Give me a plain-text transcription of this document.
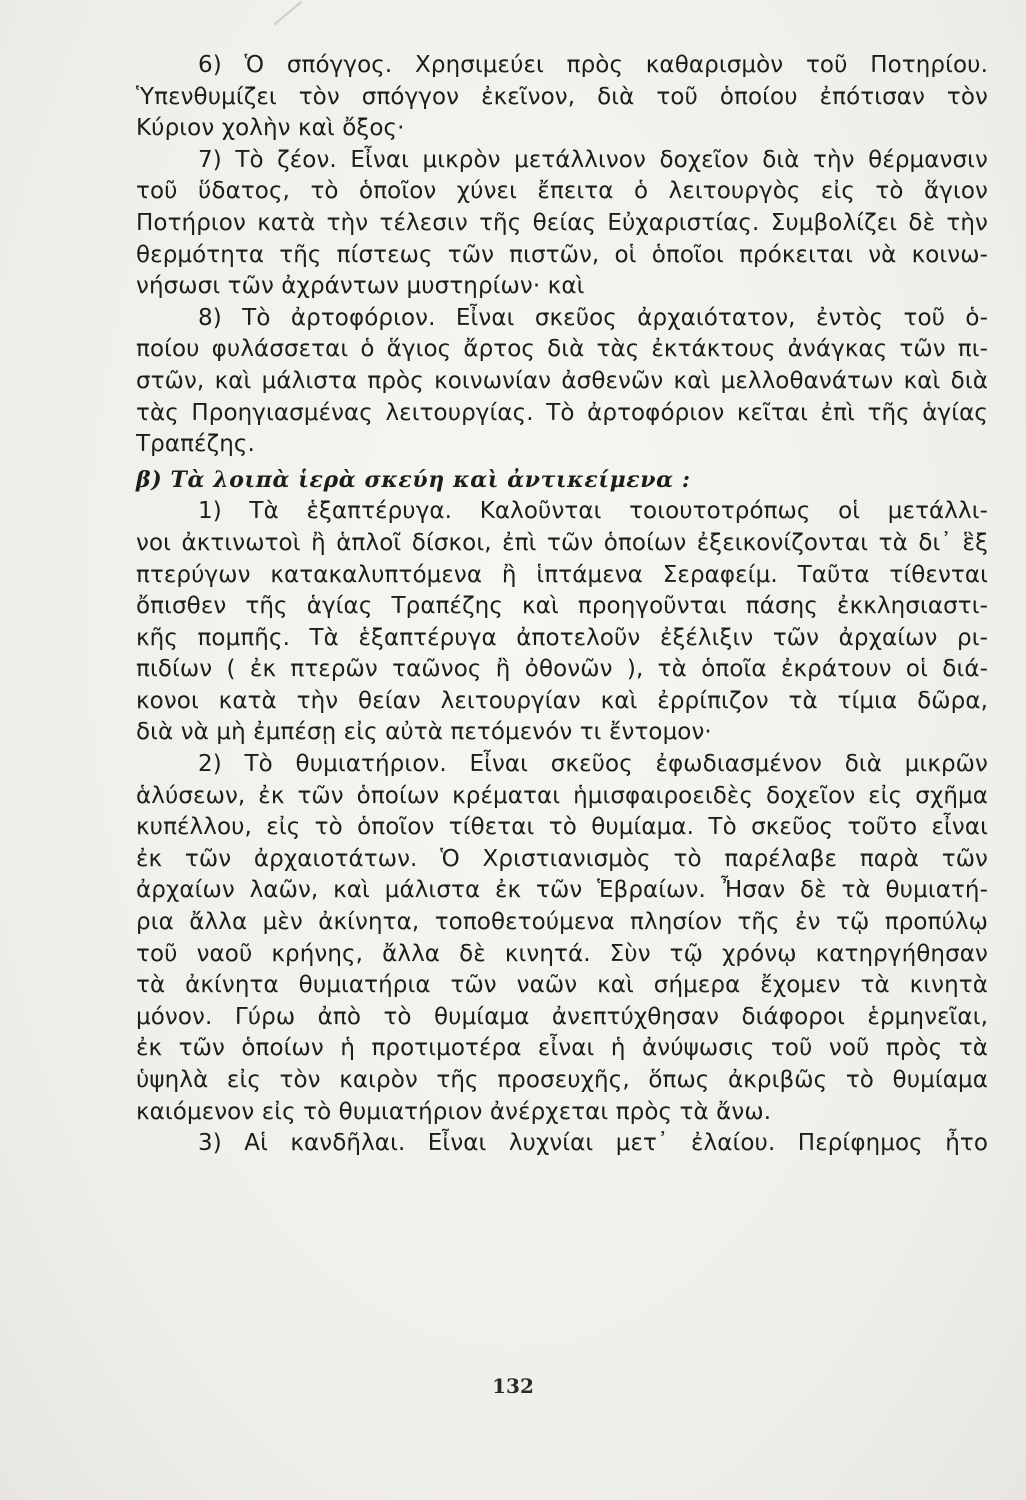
6) Ὁ σπόγγος. Χρησιμεύει πρὸς καθαρισμὸν τοῦ Ποτηρίου.
Ὑπενθυμίζει τὸν σπόγγον ἐκεῖνον, διὰ τοῦ ὁποίου ἐπότισαν τὸν
Κύριον χολὴν καὶ ὄξος·
7) Τὸ ζέον. Εἶναι μικρὸν μετάλλινον δοχεῖον διὰ τὴν θέρμανσιν
τοῦ ὕδατος, τὸ ὁποῖον χύνει ἔπειτα ὁ λειτουργὸς εἰς τὸ ἅγιον
Ποτήριον κατὰ τὴν τέλεσιν τῆς θείας Εὐχαριστίας. Συμβολίζει δὲ τὴν
θερμότητα τῆς πίστεως τῶν πιστῶν, οἱ ὁποῖοι πρόκειται νὰ κοινω-
νήσωσι τῶν ἀχράντων μυστηρίων· καὶ
8) Τὸ ἀρτοφόριον. Εἶναι σκεῦος ἀρχαιότατον, ἐντὸς τοῦ ὁ-
ποίου φυλάσσεται ὁ ἅγιος ἄρτος διὰ τὰς ἐκτάκτους ἀνάγκας τῶν πι-
στῶν, καὶ μάλιστα πρὸς κοινωνίαν ἀσθενῶν καὶ μελλοθανάτων καὶ διὰ
τὰς Προηγιασμένας λειτουργίας. Τὸ ἀρτοφόριον κεῖται ἐπὶ τῆς ἁγίας
Τραπέζης.
β) Τὰ λοιπὰ ἱερὰ σκεύη καὶ ἀντικείμενα :
1) Τὰ ἑξαπτέρυγα. Καλοῦνται τοιουτοτρόπως οἱ μετάλλι-
νοι ἀκτινωτοὶ ἢ ἁπλοῖ δίσκοι, ἐπὶ τῶν ὁποίων ἐξεικονίζονται τὰ δι᾽ ἓξ
πτερύγων κατακαλυπτόμενα ἢ ἱπτάμενα Σεραφείμ. Ταῦτα τίθενται
ὄπισθεν τῆς ἁγίας Τραπέζης καὶ προηγοῦνται πάσης ἐκκλησιαστι-
κῆς πομπῆς. Τὰ ἑξαπτέρυγα ἀποτελοῦν ἐξέλιξιν τῶν ἀρχαίων ρι-
πιδίων ( ἐκ πτερῶν ταῶνος ἢ ὀθονῶν ), τὰ ὁποῖα ἐκράτουν οἱ διά-
κονοι κατὰ τὴν θείαν λειτουργίαν καὶ ἐρρίπιζον τὰ τίμια δῶρα,
διὰ νὰ μὴ ἐμπέσῃ εἰς αὐτὰ πετόμενόν τι ἔντομον·
2) Τὸ θυμιατήριον. Εἶναι σκεῦος ἐφωδιασμένον διὰ μικρῶν
ἁλύσεων, ἐκ τῶν ὁποίων κρέμαται ἡμισφαιροειδὲς δοχεῖον εἰς σχῆμα
κυπέλλου, εἰς τὸ ὁποῖον τίθεται τὸ θυμίαμα. Τὸ σκεῦος τοῦτο εἶναι
ἐκ τῶν ἀρχαιοτάτων. Ὁ Χριστιανισμὸς τὸ παρέλαβε παρὰ τῶν
ἀρχαίων λαῶν, καὶ μάλιστα ἐκ τῶν Ἑβραίων. Ἦσαν δὲ τὰ θυμιατή-
ρια ἄλλα μὲν ἀκίνητα, τοποθετούμενα πλησίον τῆς ἐν τῷ προπύλῳ
τοῦ ναοῦ κρήνης, ἄλλα δὲ κινητά. Σὺν τῷ χρόνῳ κατηργήθησαν
τὰ ἀκίνητα θυμιατήρια τῶν ναῶν καὶ σήμερα ἔχομεν τὰ κινητὰ
μόνον. Γύρω ἀπὸ τὸ θυμίαμα ἀνεπτύχθησαν διάφοροι ἑρμηνεῖαι,
ἐκ τῶν ὁποίων ἡ προτιμοτέρα εἶναι ἡ ἀνύψωσις τοῦ νοῦ πρὸς τὰ
ὑψηλὰ εἰς τὸν καιρὸν τῆς προσευχῆς, ὅπως ἀκριβῶς τὸ θυμίαμα
καιόμενον εἰς τὸ θυμιατήριον ἀνέρχεται πρὸς τὰ ἄνω.
3) Αἱ κανδῆλαι. Εἶναι λυχνίαι μετ᾽ ἐλαίου. Περίφημος ἦτο
132
